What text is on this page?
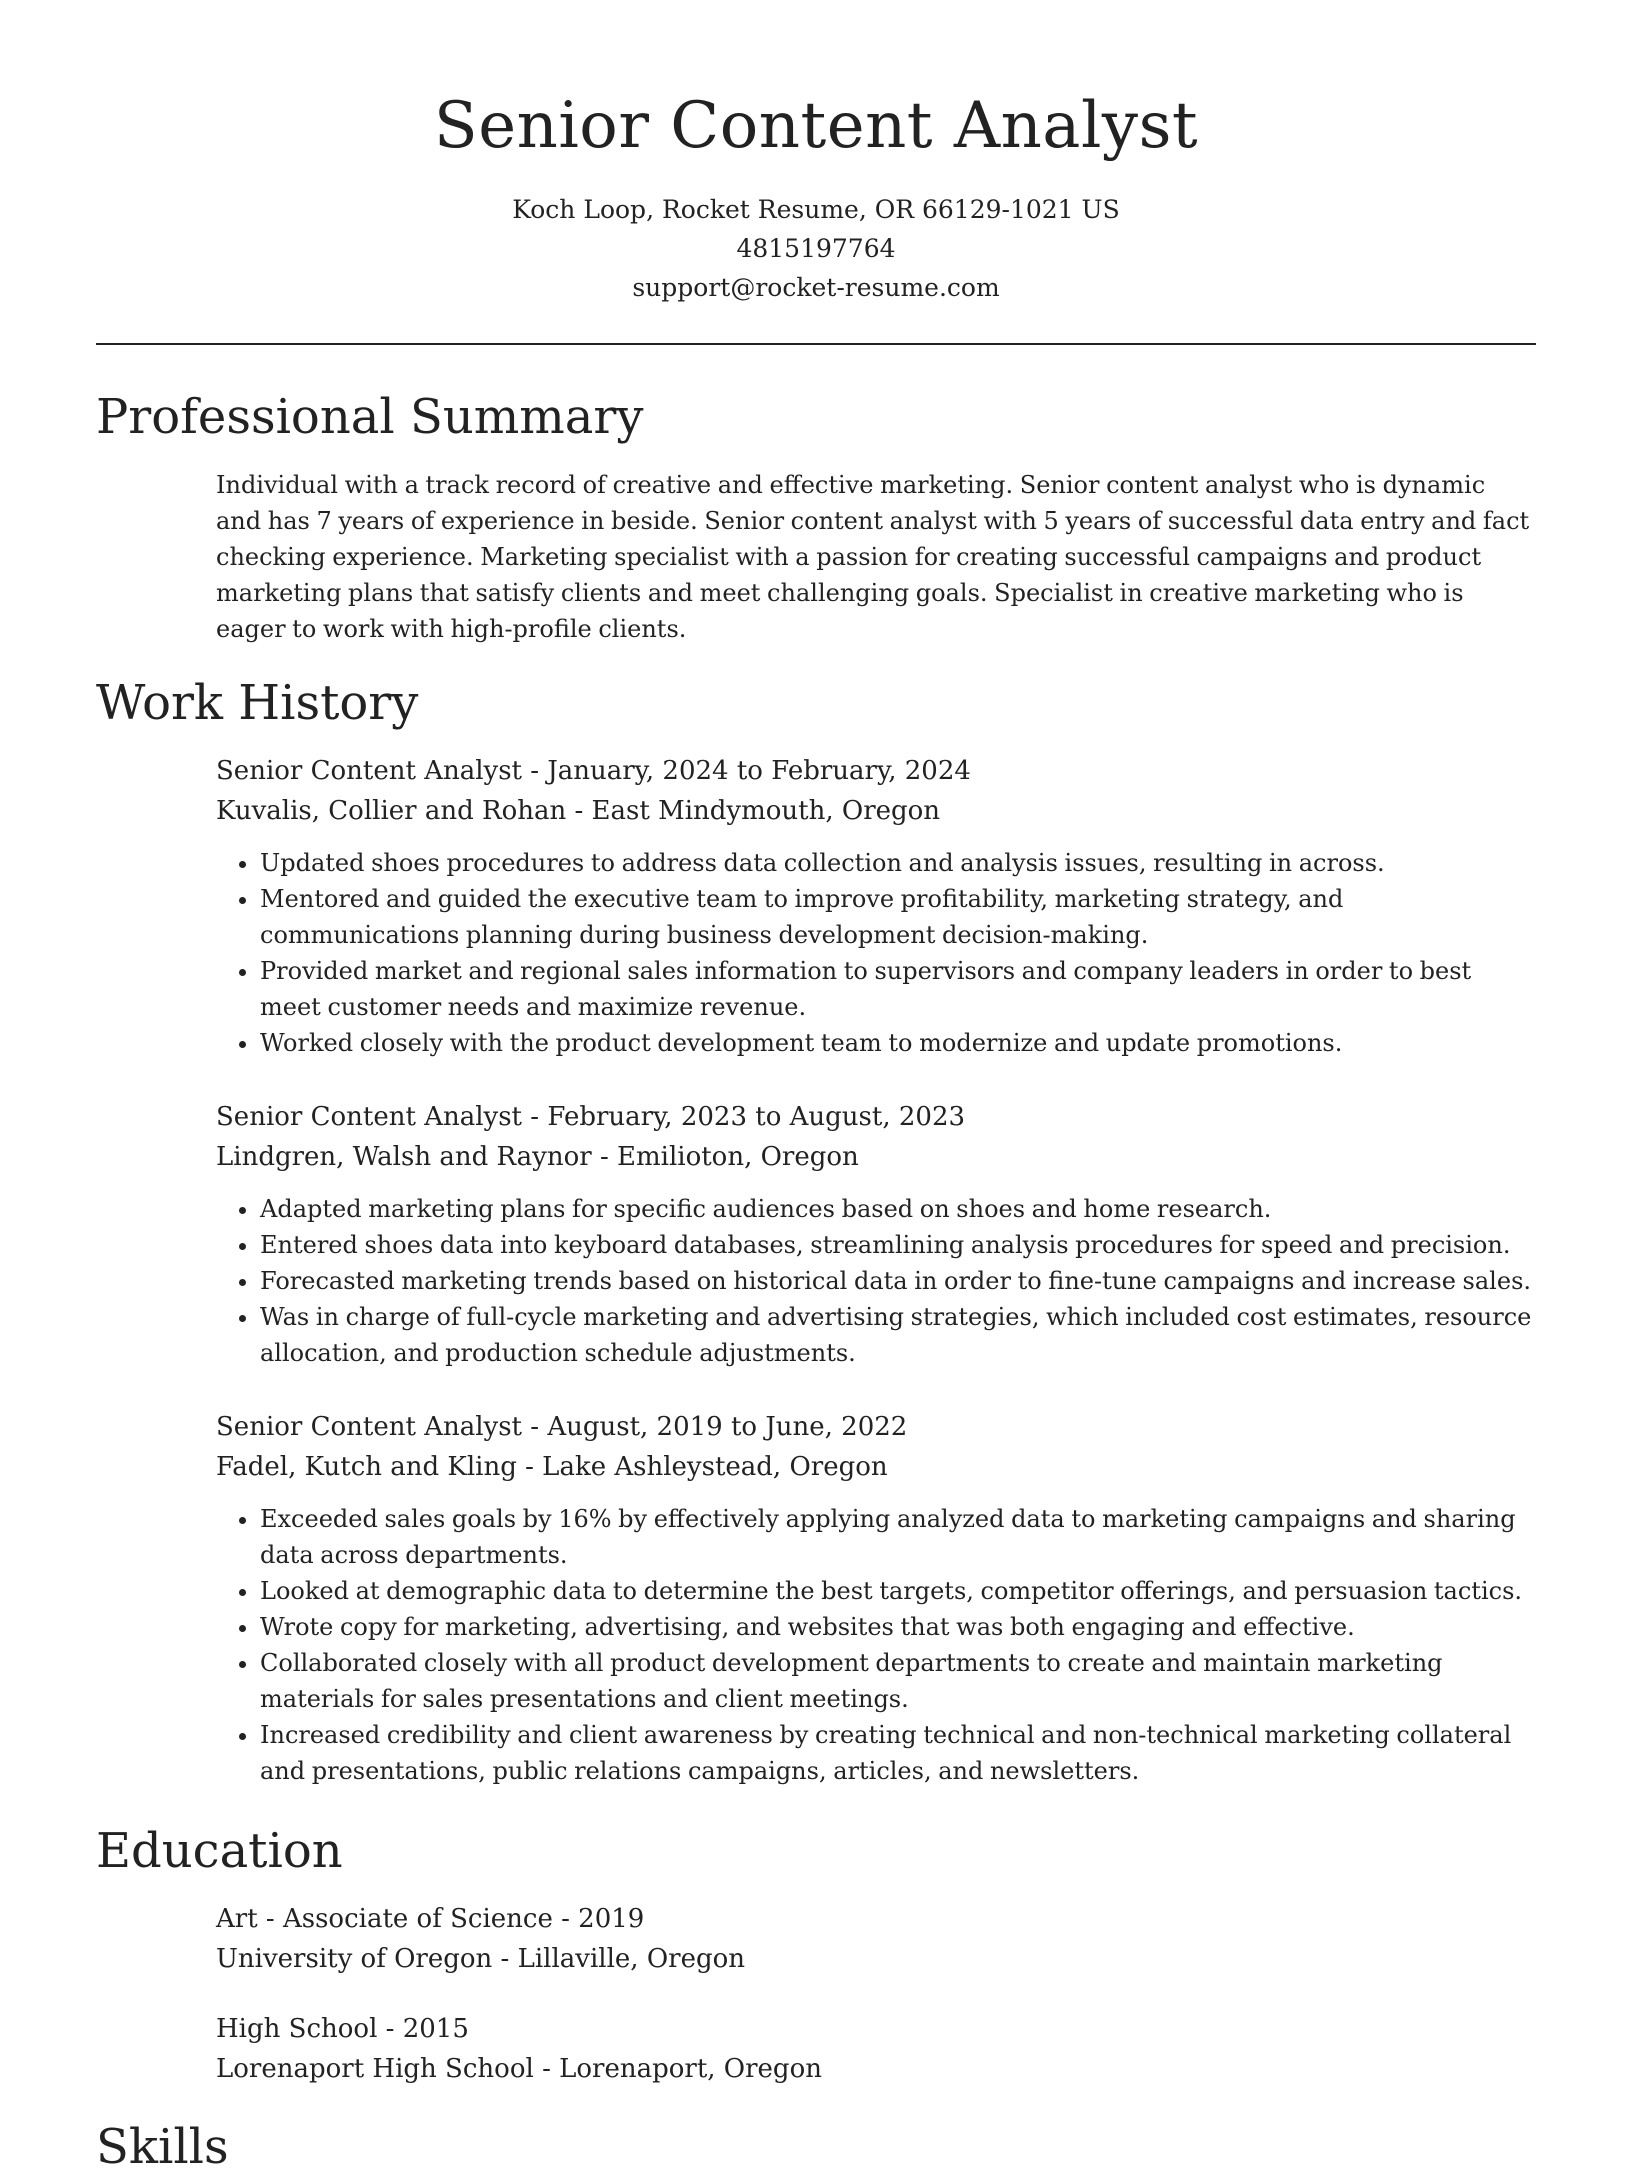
Senior Content Analyst
Koch Loop, Rocket Resume, OR 66129-1021 US
4815197764
support@rocket-resume.com
Professional Summary
Individual with a track record of creative and effective marketing. Senior content analyst who is dynamic and has 7 years of experience in beside. Senior content analyst with 5 years of successful data entry and fact checking experience. Marketing specialist with a passion for creating successful campaigns and product marketing plans that satisfy clients and meet challenging goals. Specialist in creative marketing who is eager to work with high-profile clients.
Work History
Senior Content Analyst - January, 2024 to February, 2024
Kuvalis, Collier and Rohan - East Mindymouth, Oregon
• Updated shoes procedures to address data collection and analysis issues, resulting in across.
• Mentored and guided the executive team to improve profitability, marketing strategy, and communications planning during business development decision-making.
• Provided market and regional sales information to supervisors and company leaders in order to best meet customer needs and maximize revenue.
• Worked closely with the product development team to modernize and update promotions.
Senior Content Analyst - February, 2023 to August, 2023
Lindgren, Walsh and Raynor - Emilioton, Oregon
• Adapted marketing plans for specific audiences based on shoes and home research.
• Entered shoes data into keyboard databases, streamlining analysis procedures for speed and precision.
• Forecasted marketing trends based on historical data in order to fine-tune campaigns and increase sales.
• Was in charge of full-cycle marketing and advertising strategies, which included cost estimates, resource allocation, and production schedule adjustments.
Senior Content Analyst - August, 2019 to June, 2022
Fadel, Kutch and Kling - Lake Ashleystead, Oregon
• Exceeded sales goals by 16% by effectively applying analyzed data to marketing campaigns and sharing data across departments.
• Looked at demographic data to determine the best targets, competitor offerings, and persuasion tactics.
• Wrote copy for marketing, advertising, and websites that was both engaging and effective.
• Collaborated closely with all product development departments to create and maintain marketing materials for sales presentations and client meetings.
• Increased credibility and client awareness by creating technical and non-technical marketing collateral and presentations, public relations campaigns, articles, and newsletters.
Education
Art - Associate of Science - 2019
University of Oregon - Lillaville, Oregon
High School - 2015
Lorenaport High School - Lorenaport, Oregon
Skills
